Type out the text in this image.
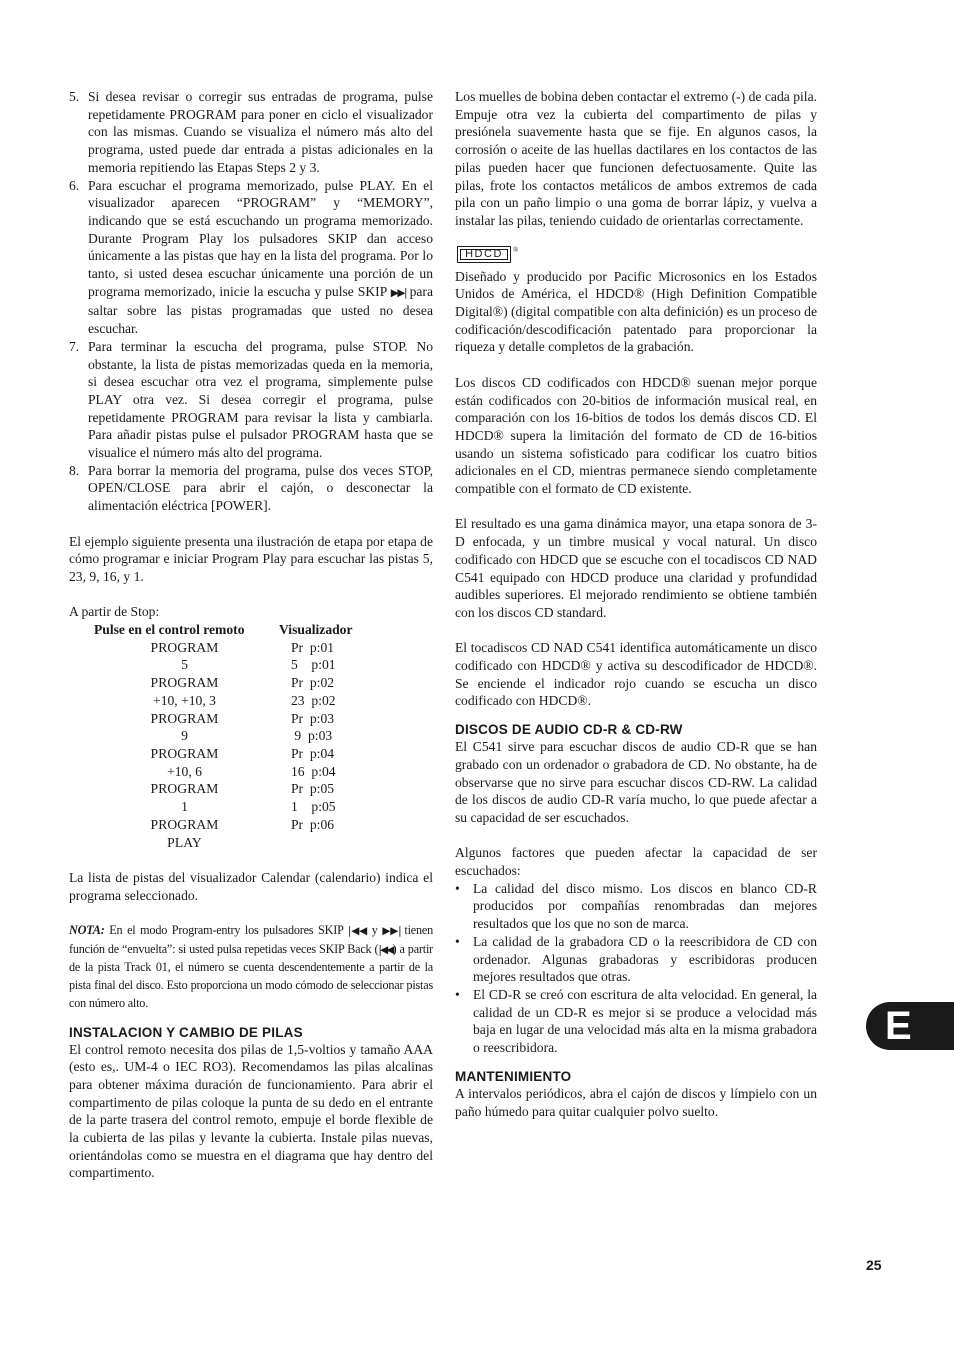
5. Si desea revisar o corregir sus entradas de programa, pulse repetidamente PROGRAM para poner en ciclo el visualizador con las mismas. Cuando se visualiza el número más alto del programa, usted puede dar entrada a pistas adicionales en la memoria repitiendo las Etapas Steps 2 y 3.
6. Para escuchar el programa memorizado, pulse PLAY. En el visualizador aparecen “PROGRAM” y “MEMORY”, indicando que se está escuchando un programa memorizado. Durante Program Play los pulsadores SKIP dan acceso únicamente a las pistas que hay en la lista del programa. Por lo tanto, si usted desea escuchar únicamente una porción de un programa memorizado, inicie la escucha y pulse SKIP ▶▶| para saltar sobre las pistas programadas que usted no desea escuchar.
7. Para terminar la escucha del programa, pulse STOP. No obstante, la lista de pistas memorizadas queda en la memoria, si desea escuchar otra vez el programa, simplemente pulse PLAY otra vez. Si desea corregir el programa, pulse repetidamente PROGRAM para revisar la lista y cambiarla. Para añadir pistas pulse el pulsador PROGRAM hasta que se visualice el número más alto del programa.
8. Para borrar la memoria del programa, pulse dos veces STOP, OPEN/CLOSE para abrir el cajón, o desconectar la alimentación eléctrica [POWER].

El ejemplo siguiente presenta una ilustración de etapa por etapa de cómo programar e iniciar Program Play para escuchar las pistas 5, 23, 9, 16, y 1.

A partir de Stop:

Pulse en el control remoto	Visualizador
PROGRAM	Pr  p:01
5	5    p:01
PROGRAM	Pr  p:02
+10, +10, 3	23  p:02
PROGRAM	Pr  p:03
9	9  p:03
PROGRAM	Pr  p:04
+10, 6	16  p:04
PROGRAM	Pr  p:05
1	1    p:05
PROGRAM	Pr  p:06
PLAY	

La lista de pistas del visualizador Calendar (calendario) indica el programa seleccionado.

NOTA: En el modo Program-entry los pulsadores SKIP |◀◀ y ▶▶| tienen función de “envuelta”: si usted pulsa repetidas veces SKIP Back (|◀◀) a partir de la pista Track 01, el número se cuenta descendentemente a partir de la pista final del disco. Esto proporciona un modo cómodo de seleccionar pistas con número alto.

INSTALACION Y CAMBIO DE PILAS

El control remoto necesita dos pilas de 1,5-voltios y tamaño AAA (esto es,. UM-4 o IEC RO3). Recomendamos las pilas alcalinas para obtener máxima duración de funcionamiento. Para abrir el compartimento de pilas coloque la punta de su dedo en el entrante de la parte trasera del control remoto, empuje el borde flexible de la cubierta de las pilas y levante la cubierta. Instale pilas nuevas, orientándolas como se muestra en el diagrama que hay dentro del compartimento.

Los muelles de bobina deben contactar el extremo (-) de cada pila. Empuje otra vez la cubierta del compartimento de pilas y presiónela suavemente hasta que se fije. En algunos casos, la corrosión o aceite de las huellas dactilares en los contactos de las pilas pueden hacer que funcionen defectuosamente. Quite las pilas, frote los contactos metálicos de ambos extremos de cada pila con un paño limpio o una goma de borrar lápiz, y vuelva a instalar las pilas, teniendo cuidado de orientarlas correctamente.

HDCD ®

Diseñado y producido por Pacific Microsonics en los Estados Unidos de América, el HDCD® (High Definition Compatible Digital®) (digital compatible con alta definición) es un proceso de codificación/descodificación patentado para proporcionar la riqueza y detalle completos de la grabación.

Los discos CD codificados con HDCD® suenan mejor porque están codificados con 20-bitios de información musical real, en comparación con los 16-bitios de todos los demás discos CD. El HDCD® supera la limitación del formato de CD de 16-bitios usando un sistema sofisticado para codificar los cuatro bitios adicionales en el CD, mientras permanece siendo completamente compatible con el formato de CD existente.

El resultado es una gama dinámica mayor, una etapa sonora de 3-D enfocada, y un timbre musical y vocal natural. Un disco codificado con HDCD que se escuche con el tocadiscos CD NAD C541 equipado con HDCD produce una claridad y profundidad audibles superiores. El mejorado rendimiento se obtiene también con los discos CD standard.

El tocadiscos CD NAD C541 identifica automáticamente un disco codificado con HDCD® y activa su descodificador de HDCD®. Se enciende el indicador rojo cuando se escucha un disco codificado con HDCD®.

DISCOS DE AUDIO CD-R & CD-RW

El C541 sirve para escuchar discos de audio CD-R que se han grabado con un ordenador o grabadora de CD. No obstante, ha de observarse que no sirve para escuchar discos CD-RW. La calidad de los discos de audio CD-R varía mucho, lo que puede afectar a su capacidad de ser escuchados.

Algunos factores que pueden afectar la capacidad de ser escuchados:

• La calidad del disco mismo. Los discos en blanco CD-R producidos por compañías renombradas dan mejores resultados que los que no son de marca.
• La calidad de la grabadora CD o la reescribidora de CD con ordenador. Algunas grabadoras y escribidoras producen mejores resultados que otras.
• El CD-R se creó con escritura de alta velocidad. En general, la calidad de un CD-R es mejor si se produce a velocidad más baja en lugar de una velocidad más alta en la misma grabadora o reescribidora.
MANTENIMIENTO

A intervalos periódicos, abra el cajón de discos y límpielo con un paño húmedo para quitar cualquier polvo suelto.

E
25
